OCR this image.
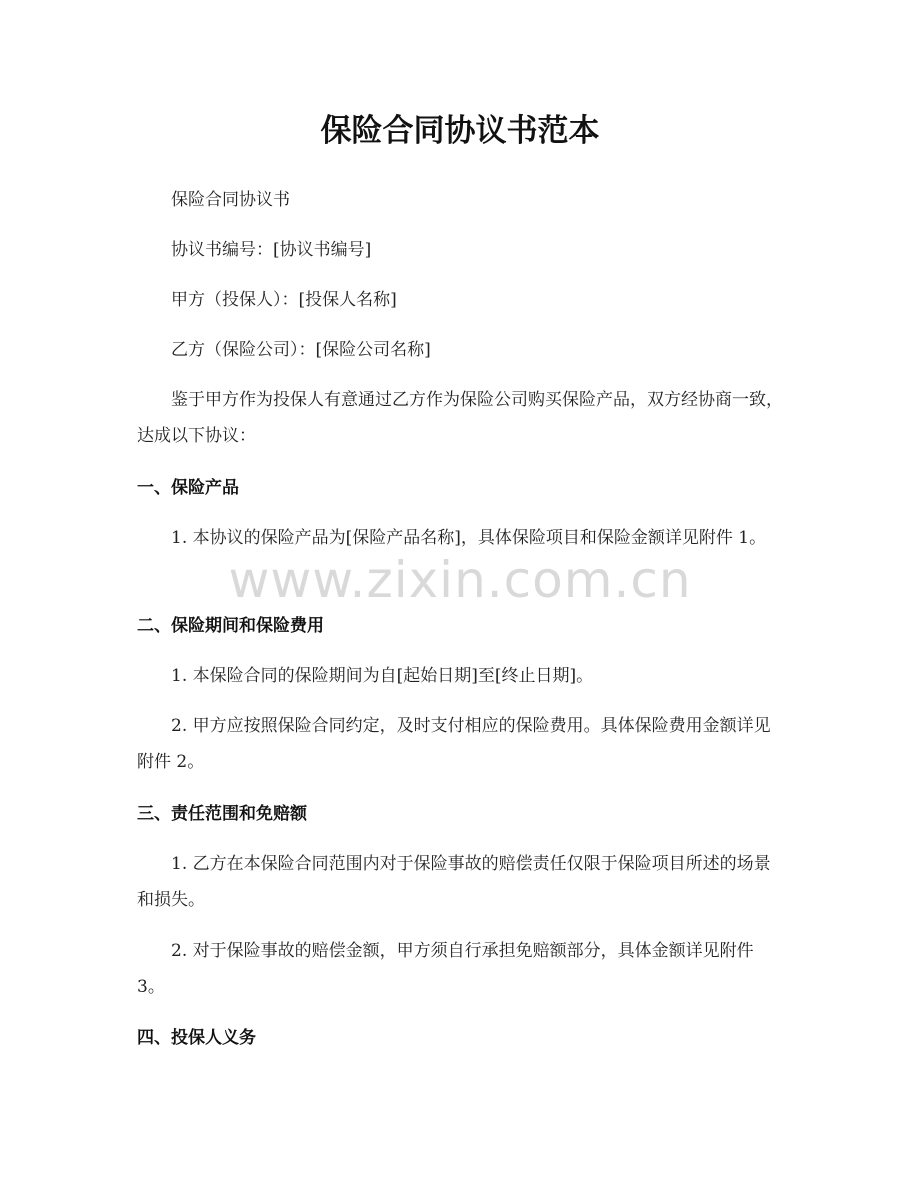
保险合同协议书范本

保险合同协议书

协议书编号：[协议书编号]

甲方（投保人）：[投保人名称]

乙方（保险公司）：[保险公司名称]

鉴于甲方作为投保人有意通过乙方作为保险公司购买保险产品，双方经协商一致，达成以下协议：

一、保险产品

1. 本协议的保险产品为[保险产品名称]，具体保险项目和保险金额详见附件 1。

二、保险期间和保险费用

1. 本保险合同的保险期间为自[起始日期]至[终止日期]。

2. 甲方应按照保险合同约定，及时支付相应的保险费用。具体保险费用金额详见附件 2。

三、责任范围和免赔额

1. 乙方在本保险合同范围内对于保险事故的赔偿责任仅限于保险项目所述的场景和损失。

2. 对于保险事故的赔偿金额，甲方须自行承担免赔额部分，具体金额详见附件 3。

四、投保人义务
www.zixin.com.cn
